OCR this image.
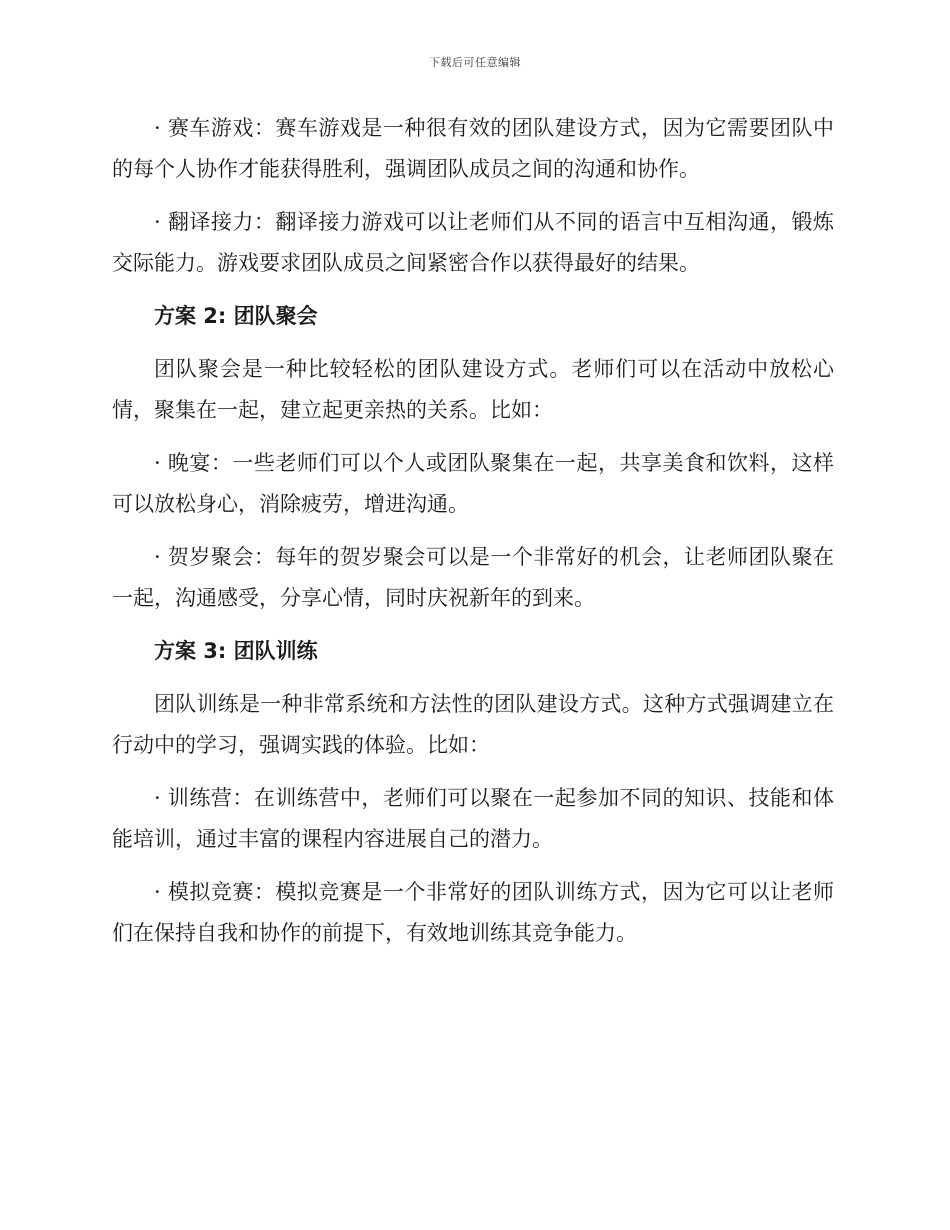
下载后可任意编辑

· 赛车游戏：赛车游戏是一种很有效的团队建设方式，因为它需要团队中的每个人协作才能获得胜利，强调团队成员之间的沟通和协作。

· 翻译接力：翻译接力游戏可以让老师们从不同的语言中互相沟通，锻炼交际能力。游戏要求团队成员之间紧密合作以获得最好的结果。

方案 2: 团队聚会

团队聚会是一种比较轻松的团队建设方式。老师们可以在活动中放松心情，聚集在一起，建立起更亲热的关系。比如：

· 晚宴：一些老师们可以个人或团队聚集在一起，共享美食和饮料，这样可以放松身心，消除疲劳，增进沟通。

· 贺岁聚会：每年的贺岁聚会可以是一个非常好的机会，让老师团队聚在一起，沟通感受，分享心情，同时庆祝新年的到来。

方案 3: 团队训练

团队训练是一种非常系统和方法性的团队建设方式。这种方式强调建立在行动中的学习，强调实践的体验。比如：

· 训练营：在训练营中，老师们可以聚在一起参加不同的知识、技能和体能培训，通过丰富的课程内容进展自己的潜力。

· 模拟竞赛：模拟竞赛是一个非常好的团队训练方式，因为它可以让老师们在保持自我和协作的前提下，有效地训练其竞争能力。
